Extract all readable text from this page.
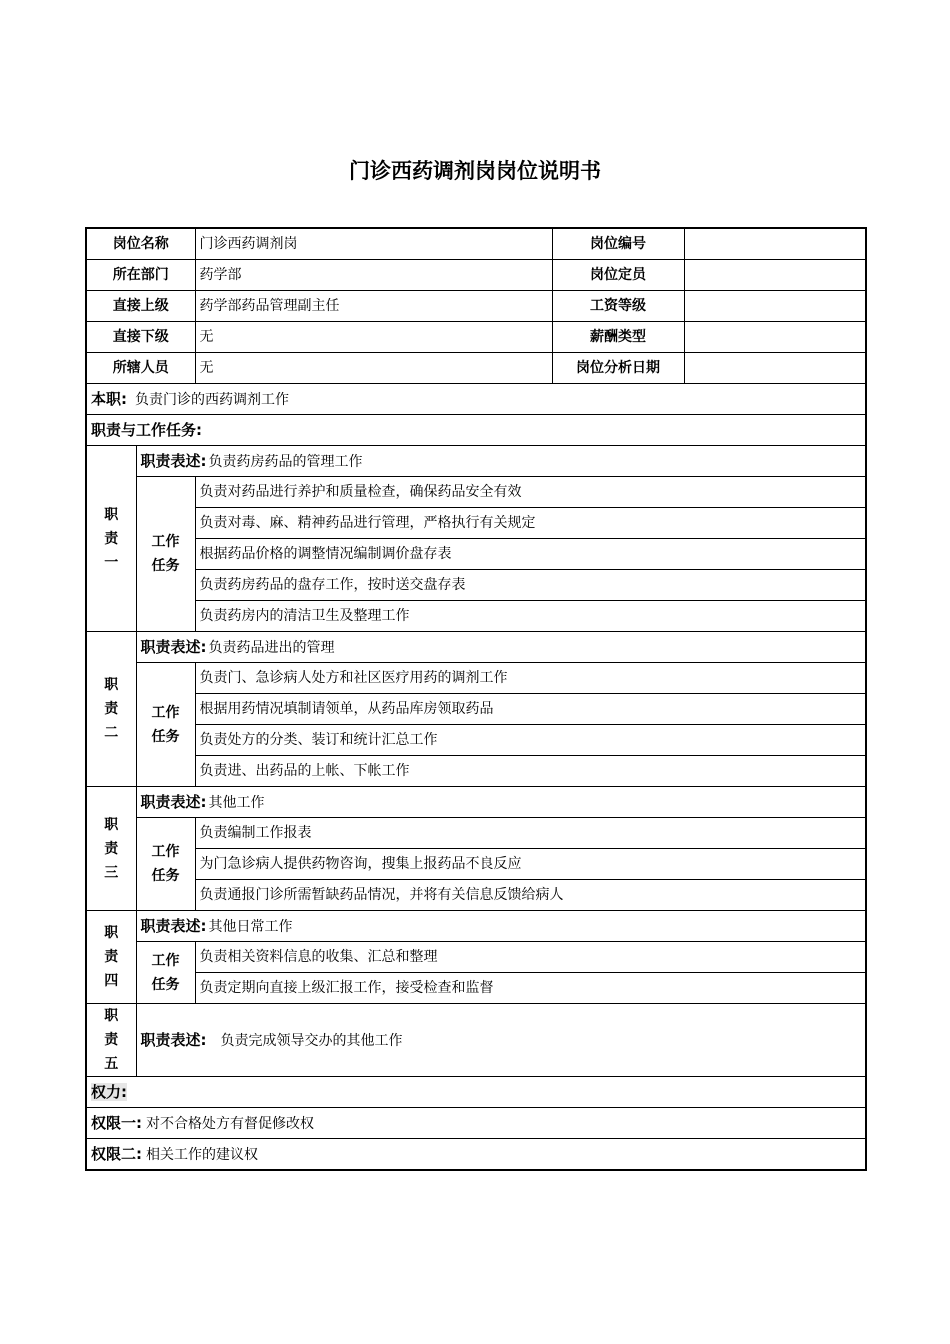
门诊西药调剂岗岗位说明书
岗位名称		门诊西药调剂岗	岗位编号	
所在部门		药学部	岗位定员	
直接上级		药学部药品管理副主任	工资等级	
直接下级		无	薪酬类型	
所辖人员		无	岗位分析日期	
本职: 负责门诊的西药调剂工作				
职责与工作任务:				
职
责
一	职责表述: 负责药房药品的管理工作			
	工作
任务	负责对药品进行养护和质量检查，确保药品安全有效		
		负责对毒、麻、精神药品进行管理，严格执行有关规定		
		根据药品价格的调整情况编制调价盘存表		
		负责药房药品的盘存工作，按时送交盘存表		
		负责药房内的清洁卫生及整理工作		
职
责
二	职责表述: 负责药品进出的管理			
	工作
任务	负责门、急诊病人处方和社区医疗用药的调剂工作		
		根据用药情况填制请领单，从药品库房领取药品		
		负责处方的分类、装订和统计汇总工作		
		负责进、出药品的上帐、下帐工作		
职
责
三	职责表述: 其他工作			
	工作
任务	负责编制工作报表		
		为门急诊病人提供药物咨询，搜集上报药品不良反应		
		负责通报门诊所需暂缺药品情况，并将有关信息反馈给病人		
职
责
四	职责表述: 其他日常工作			
	工作
任务	负责相关资料信息的收集、汇总和整理		
		负责定期向直接上级汇报工作，接受检查和监督		
职
责
五	职责表述: 负责完成领导交办的其他工作			
权力:				
权限一: 对不合格处方有督促修改权				
权限二: 相关工作的建议权				
